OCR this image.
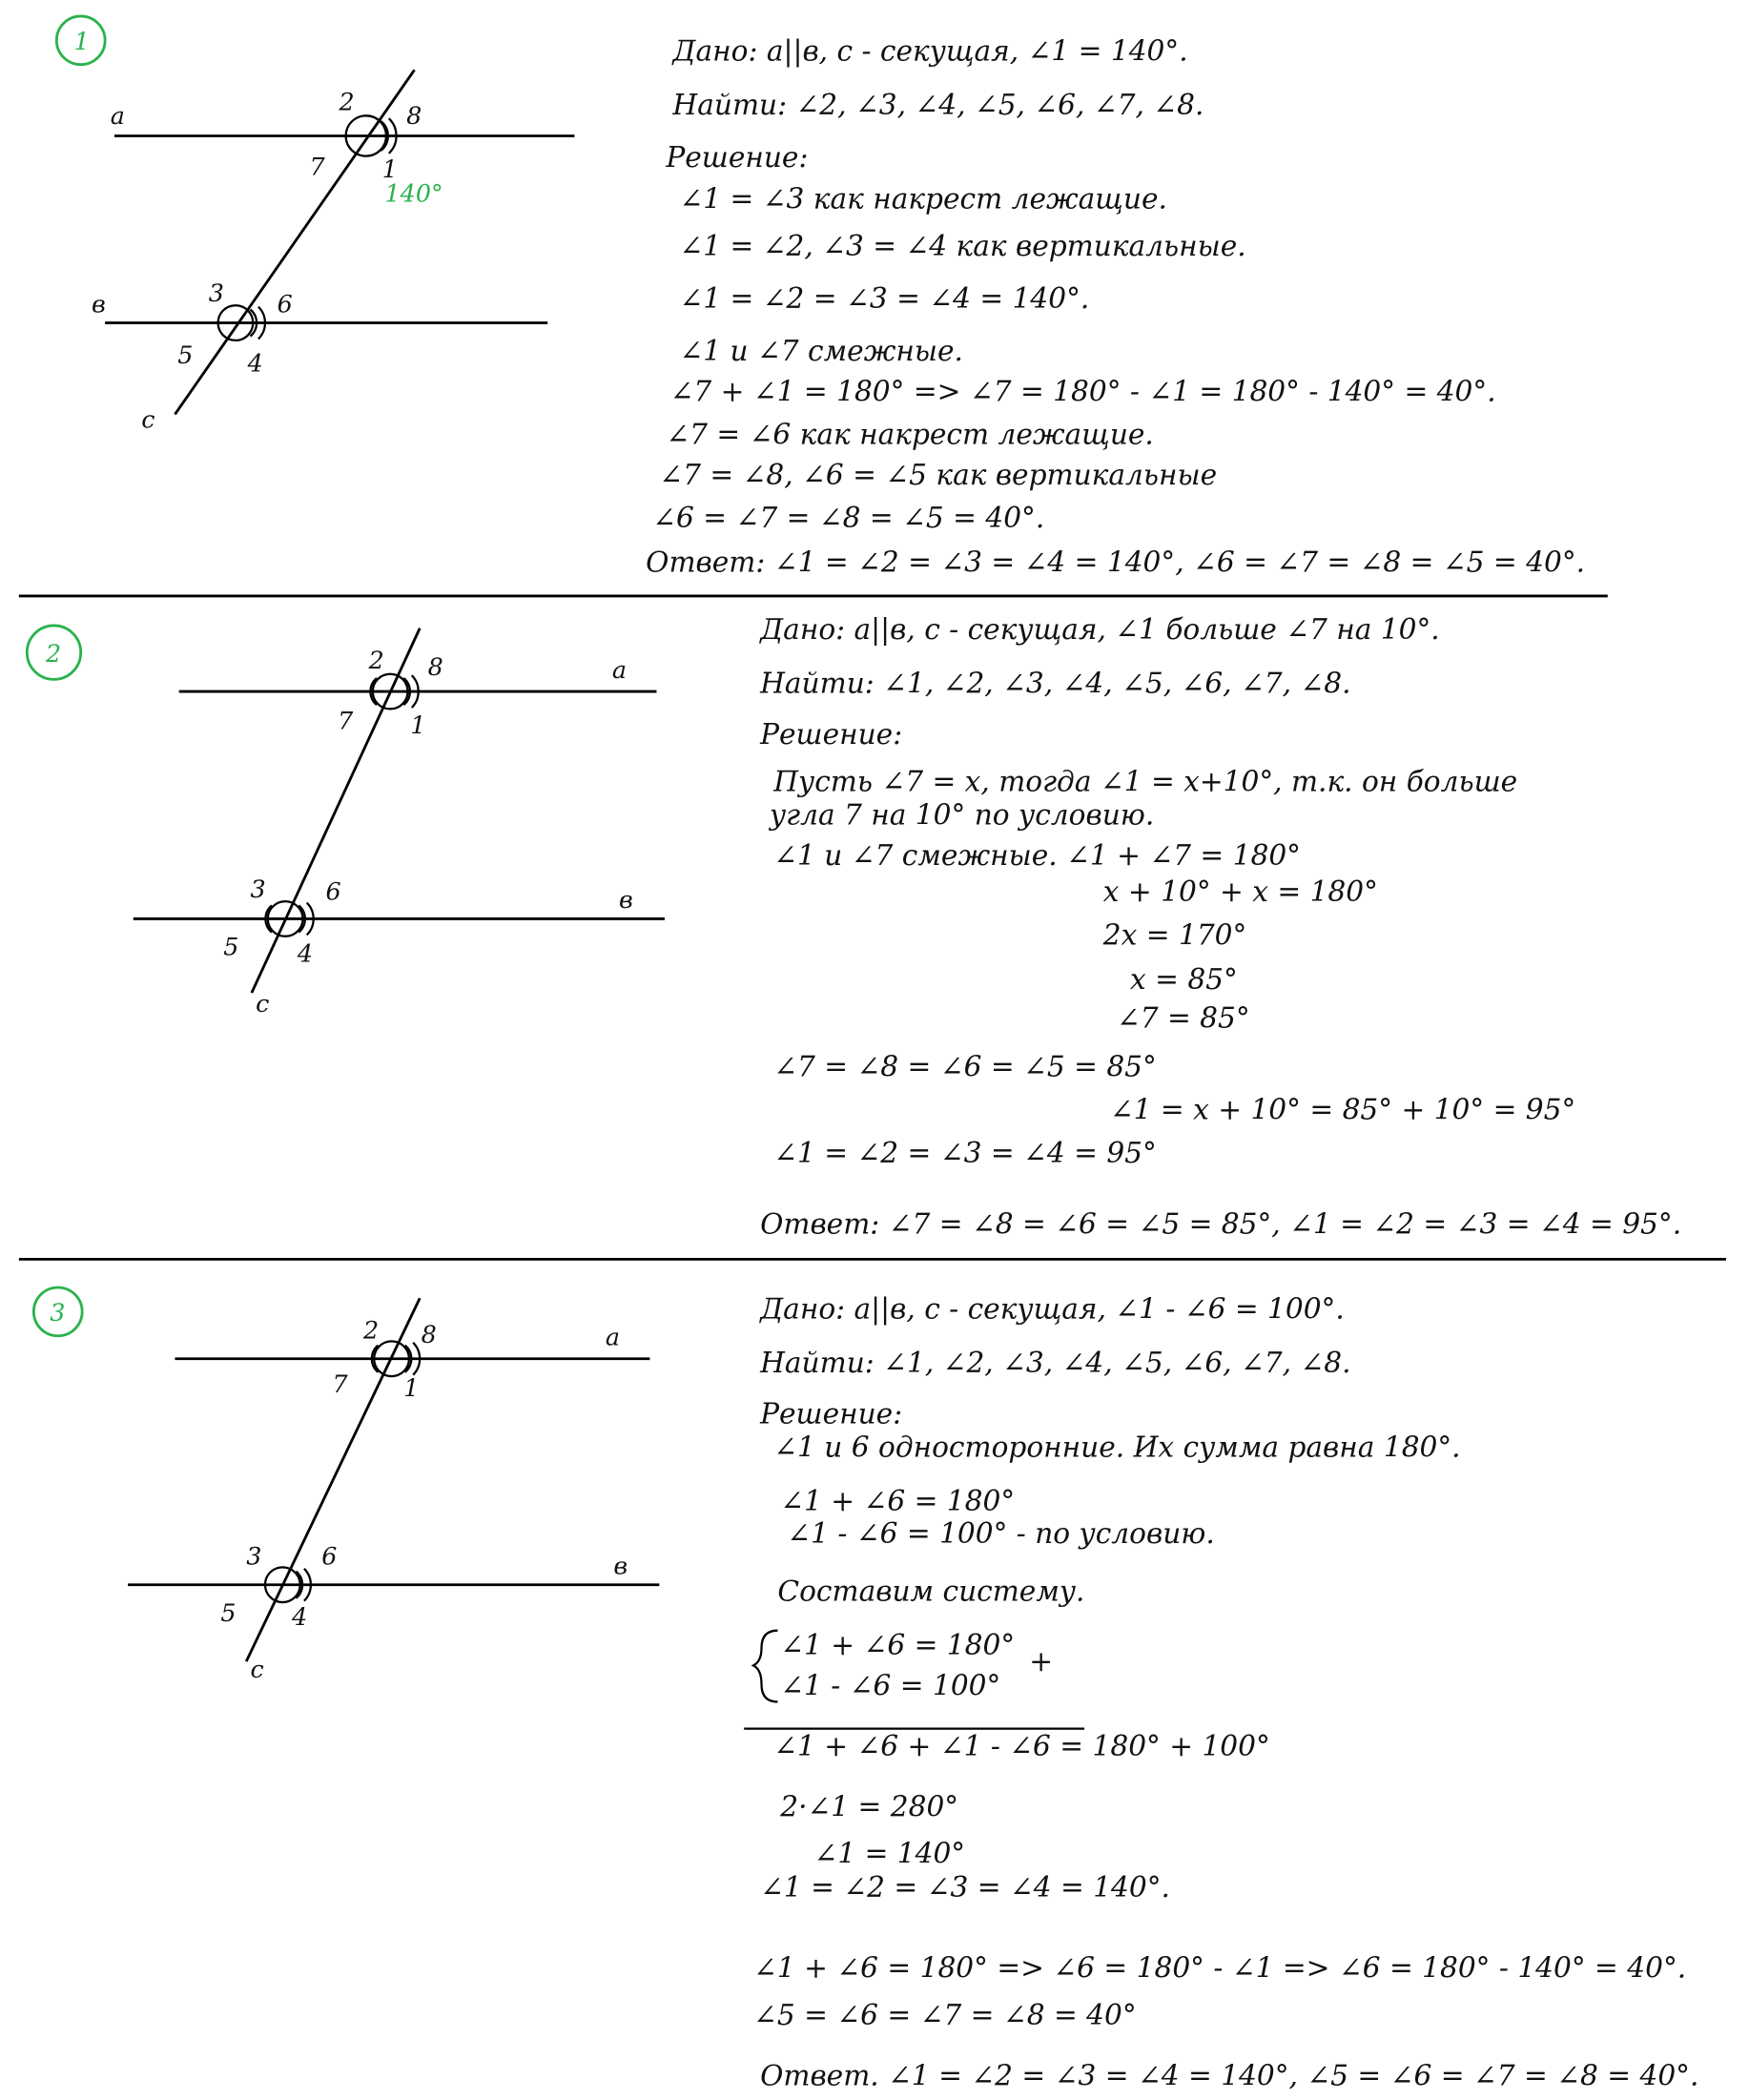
1
a
в
c
2	8
7	1
140°
3	6
5	4
Дано: a||в, c - секущая, ∠1 = 140°.
Найти: ∠2, ∠3, ∠4, ∠5, ∠6, ∠7, ∠8.
Решение:
∠1 = ∠3 как накрест лежащие.
∠1 = ∠2, ∠3 = ∠4 как вертикальные.
∠1 = ∠2 = ∠3 = ∠4 = 140°.
∠1 и ∠7 смежные.
∠7 + ∠1 = 180° => ∠7 = 180° - ∠1 = 180° - 140° = 40°.
∠7 = ∠6 как накрест лежащие.
∠7 = ∠8, ∠6 = ∠5 как вертикальные
∠6 = ∠7 = ∠8 = ∠5 = 40°.
Ответ: ∠1 = ∠2 = ∠3 = ∠4 = 140°, ∠6 = ∠7 = ∠8 = ∠5 = 40°.
2
a
в
c
2	8
7	1
3	6
5	4
Дано: a||в, c - секущая, ∠1 больше ∠7 на 10°.
Найти: ∠1, ∠2, ∠3, ∠4, ∠5, ∠6, ∠7, ∠8.
Решение:
Пусть ∠7 = x, тогда ∠1 = x+10°, т.к. он больше
угла 7 на 10° по условию.
∠1 и ∠7 смежные. ∠1 + ∠7 = 180°
x + 10° + x = 180°
2x = 170°
x = 85°
∠7 = 85°
∠7 = ∠8 = ∠6 = ∠5 = 85°
∠1 = x + 10° = 85° + 10° = 95°
∠1 = ∠2 = ∠3 = ∠4 = 95°
Ответ: ∠7 = ∠8 = ∠6 = ∠5 = 85°, ∠1 = ∠2 = ∠3 = ∠4 = 95°.
3
a
в
c
2 8
7	1
3	6
5	4
Дано: a||в, c - секущая, ∠1 - ∠6 = 100°.
Найти: ∠1, ∠2, ∠3, ∠4, ∠5, ∠6, ∠7, ∠8.
Решение:
∠1 и 6 односторонние. Их сумма равна 180°.
∠1 + ∠6 = 180°
∠1 - ∠6 = 100° - по условию.
Составим систему.
∠1 + ∠6 = 180°
∠1 - ∠6 = 100°
+
∠1 + ∠6 + ∠1 - ∠6 = 180° + 100°
2·∠1 = 280°
∠1 = 140°
∠1 = ∠2 = ∠3 = ∠4 = 140°.
∠1 + ∠6 = 180° => ∠6 = 180° - ∠1 => ∠6 = 180° - 140° = 40°.
∠5 = ∠6 = ∠7 = ∠8 = 40°
Ответ. ∠1 = ∠2 = ∠3 = ∠4 = 140°, ∠5 = ∠6 = ∠7 = ∠8 = 40°.
